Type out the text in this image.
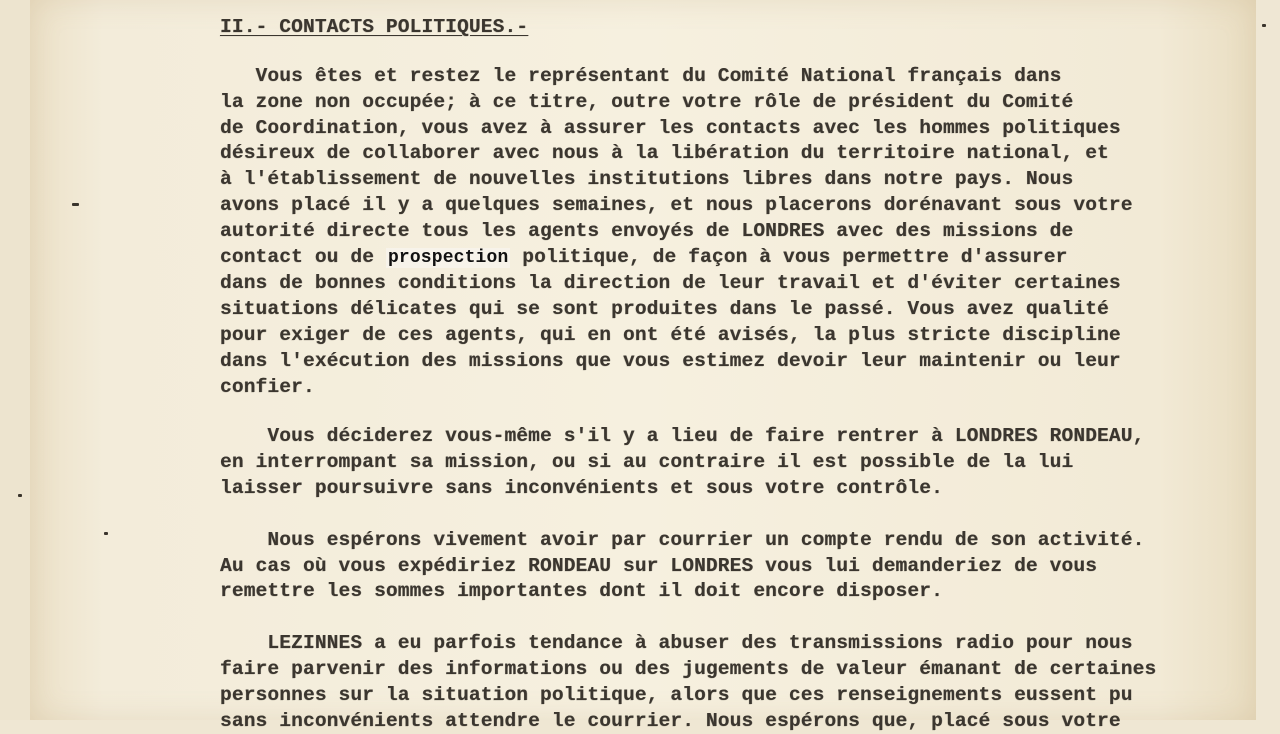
II.- CONTACTS POLITIQUES.-

Vous êtes et restez le représentant du Comité National français dans

la zone non occupée; à ce titre, outre votre rôle de président du Comité

de Coordination, vous avez à assurer les contacts avec les hommes politiques

désireux de collaborer avec nous à la libération du territoire national, et

à l'établissement de nouvelles institutions libres dans notre pays. Nous

avons placé il y a quelques semaines, et nous placerons dorénavant sous votre

autorité directe tous les agents envoyés de LONDRES avec des missions de

contact ou de prospection politique, de façon à vous permettre d'assurer

dans de bonnes conditions la direction de leur travail et d'éviter certaines

situations délicates qui se sont produites dans le passé. Vous avez qualité

pour exiger de ces agents, qui en ont été avisés, la plus stricte discipline

dans l'exécution des missions que vous estimez devoir leur maintenir ou leur

confier.

Vous déciderez vous-même s'il y a lieu de faire rentrer à LONDRES RONDEAU,

en interrompant sa mission, ou si au contraire il est possible de la lui

laisser poursuivre sans inconvénients et sous votre contrôle.

Nous espérons vivement avoir par courrier un compte rendu de son activité.

Au cas où vous expédiriez RONDEAU sur LONDRES vous lui demanderiez de vous

remettre les sommes importantes dont il doit encore disposer.

LEZINNES a eu parfois tendance à abuser des transmissions radio pour nous

faire parvenir des informations ou des jugements de valeur émanant de certaines

personnes sur la situation politique, alors que ces renseignements eussent pu

sans inconvénients attendre le courrier. Nous espérons que, placé sous votre
